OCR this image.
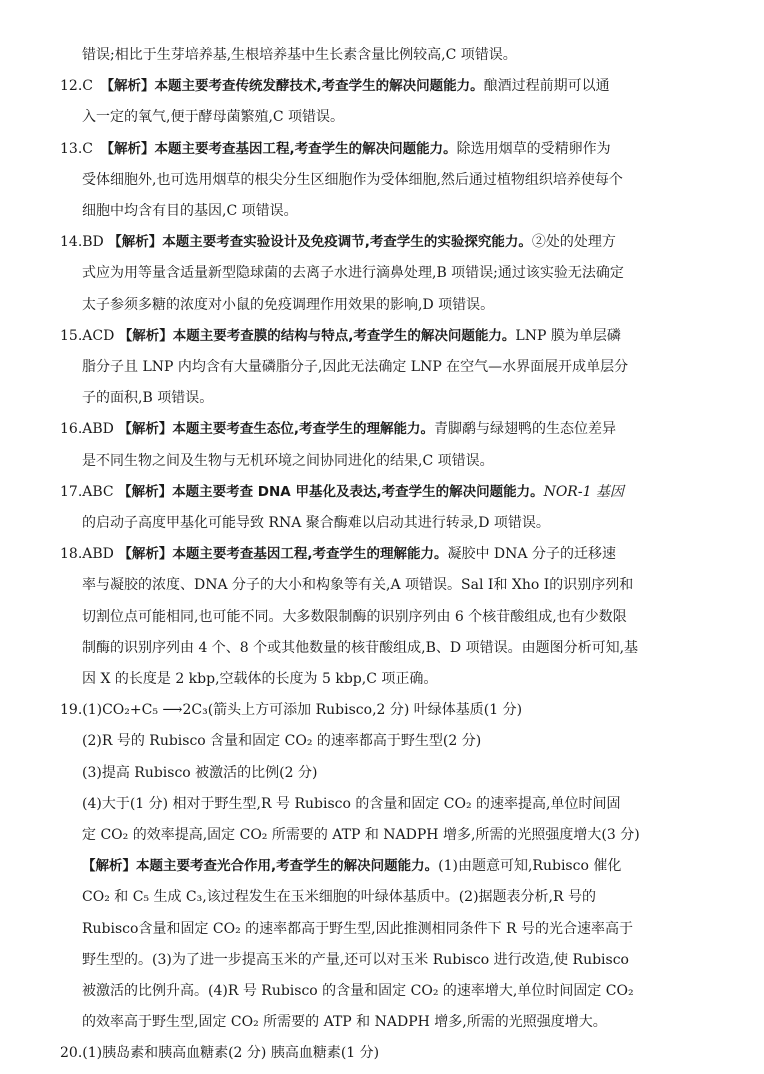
错误;相比于生芽培养基,生根培养基中生长素含量比例较高,C 项错误。
12.C 【解析】本题主要考查传统发酵技术,考查学生的解决问题能力。酿酒过程前期可以通
入一定的氧气,便于酵母菌繁殖,C 项错误。
13.C 【解析】本题主要考查基因工程,考查学生的解决问题能力。除选用烟草的受精卵作为
受体细胞外,也可选用烟草的根尖分生区细胞作为受体细胞,然后通过植物组织培养使每个
细胞中均含有目的基因,C 项错误。
14.BD 【解析】本题主要考查实验设计及免疫调节,考查学生的实验探究能力。②处的处理方
式应为用等量含适量新型隐球菌的去离子水进行滴鼻处理,B 项错误;通过该实验无法确定
太子参须多糖的浓度对小鼠的免疫调理作用效果的影响,D 项错误。
15.ACD 【解析】本题主要考查膜的结构与特点,考查学生的解决问题能力。LNP 膜为单层磷
脂分子且 LNP 内均含有大量磷脂分子,因此无法确定 LNP 在空气—水界面展开成单层分
子的面积,B 项错误。
16.ABD 【解析】本题主要考查生态位,考查学生的理解能力。青脚鹬与绿翅鸭的生态位差异
是不同生物之间及生物与无机环境之间协同进化的结果,C 项错误。
17.ABC 【解析】本题主要考查 DNA 甲基化及表达,考查学生的解决问题能力。NOR-1 基因
的启动子高度甲基化可能导致 RNA 聚合酶难以启动其进行转录,D 项错误。
18.ABD 【解析】本题主要考查基因工程,考查学生的理解能力。凝胶中 DNA 分子的迁移速
率与凝胶的浓度、DNA 分子的大小和构象等有关,A 项错误。Sal Ⅰ和 Xho Ⅰ的识别序列和
切割位点可能相同,也可能不同。大多数限制酶的识别序列由 6 个核苷酸组成,也有少数限
制酶的识别序列由 4 个、8 个或其他数量的核苷酸组成,B、D 项错误。由题图分析可知,基
因 X 的长度是 2 kbp,空载体的长度为 5 kbp,C 项正确。
19.(1)CO₂+C₅ ⟶2C₃(箭头上方可添加 Rubisco,2 分) 叶绿体基质(1 分)
(2)R 号的 Rubisco 含量和固定 CO₂ 的速率都高于野生型(2 分)
(3)提高 Rubisco 被激活的比例(2 分)
(4)大于(1 分) 相对于野生型,R 号 Rubisco 的含量和固定 CO₂ 的速率提高,单位时间固
定 CO₂ 的效率提高,固定 CO₂ 所需要的 ATP 和 NADPH 增多,所需的光照强度增大(3 分)
【解析】本题主要考查光合作用,考查学生的解决问题能力。(1)由题意可知,Rubisco 催化
CO₂ 和 C₅ 生成 C₃,该过程发生在玉米细胞的叶绿体基质中。(2)据题表分析,R 号的
Rubisco含量和固定 CO₂ 的速率都高于野生型,因此推测相同条件下 R 号的光合速率高于
野生型的。(3)为了进一步提高玉米的产量,还可以对玉米 Rubisco 进行改造,使 Rubisco
被激活的比例升高。(4)R 号 Rubisco 的含量和固定 CO₂ 的速率增大,单位时间固定 CO₂
的效率高于野生型,固定 CO₂ 所需要的 ATP 和 NADPH 增多,所需的光照强度增大。
20.(1)胰岛素和胰高血糖素(2 分) 胰高血糖素(1 分)
